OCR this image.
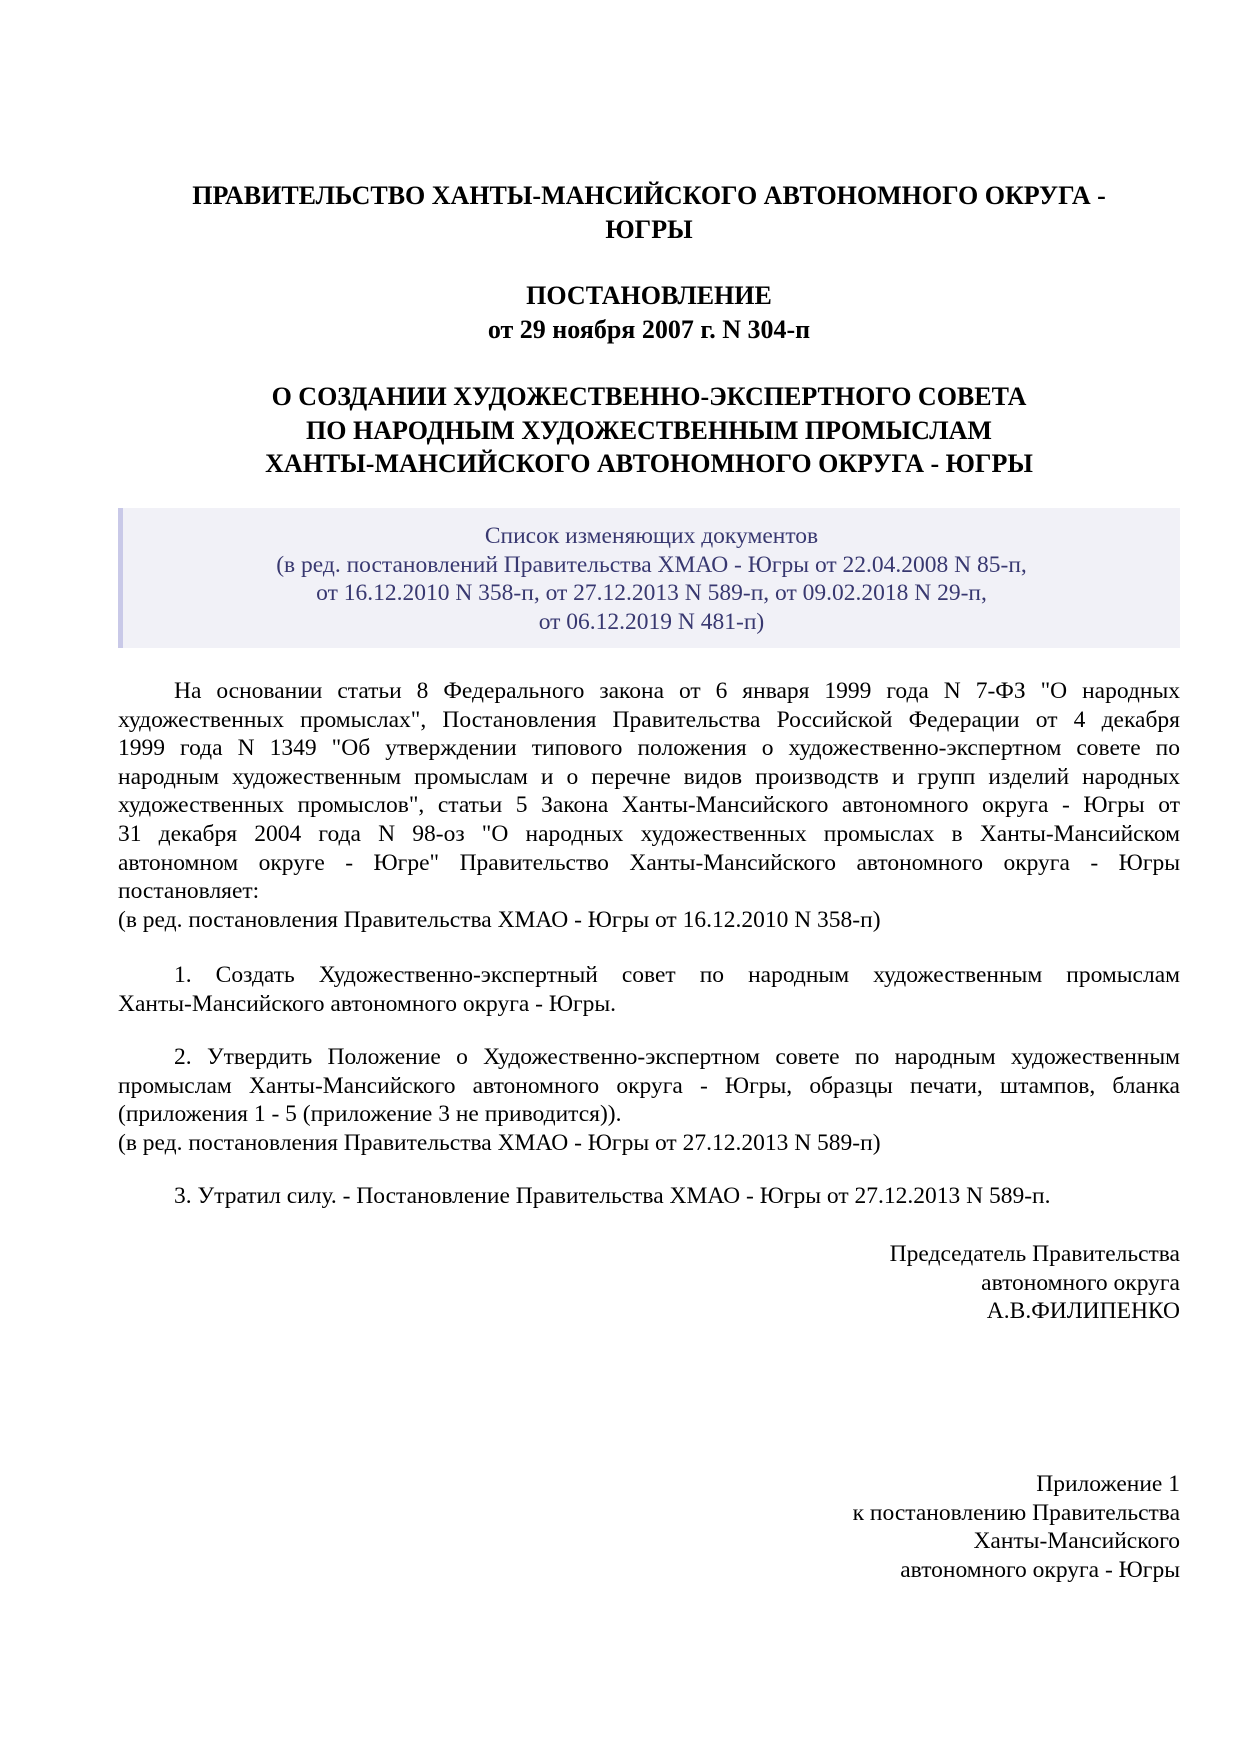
ПРАВИТЕЛЬСТВО ХАНТЫ-МАНСИЙСКОГО АВТОНОМНОГО ОКРУГА -
ЮГРЫ
ПОСТАНОВЛЕНИЕ
от 29 ноября 2007 г. N 304-п
О СОЗДАНИИ ХУДОЖЕСТВЕННО-ЭКСПЕРТНОГО СОВЕТА
ПО НАРОДНЫМ ХУДОЖЕСТВЕННЫМ ПРОМЫСЛАМ
ХАНТЫ-МАНСИЙСКОГО АВТОНОМНОГО ОКРУГА - ЮГРЫ
Список изменяющих документов
(в ред. постановлений Правительства ХМАО - Югры от 22.04.2008 N 85-п,
от 16.12.2010 N 358-п, от 27.12.2013 N 589-п, от 09.02.2018 N 29-п,
от 06.12.2019 N 481-п)
На основании статьи 8 Федерального закона от 6 января 1999 года N 7-ФЗ "О народных
художественных промыслах", Постановления Правительства Российской Федерации от 4 декабря
1999 года N 1349 "Об утверждении типового положения о художественно-экспертном совете по
народным художественным промыслам и о перечне видов производств и групп изделий народных
художественных промыслов", статьи 5 Закона Ханты-Мансийского автономного округа - Югры от
31 декабря 2004 года N 98-оз "О народных художественных промыслах в Ханты-Мансийском
автономном округе - Югре" Правительство Ханты-Мансийского автономного округа - Югры
постановляет:
(в ред. постановления Правительства ХМАО - Югры от 16.12.2010 N 358-п)
1. Создать Художественно-экспертный совет по народным художественным промыслам
Ханты-Мансийского автономного округа - Югры.
2. Утвердить Положение о Художественно-экспертном совете по народным художественным
промыслам Ханты-Мансийского автономного округа - Югры, образцы печати, штампов, бланка
(приложения 1 - 5 (приложение 3 не приводится)).
(в ред. постановления Правительства ХМАО - Югры от 27.12.2013 N 589-п)
3. Утратил силу. - Постановление Правительства ХМАО - Югры от 27.12.2013 N 589-п.
Председатель Правительства
автономного округа
А.В.ФИЛИПЕНКО
Приложение 1
к постановлению Правительства
Ханты-Мансийского
автономного округа - Югры
